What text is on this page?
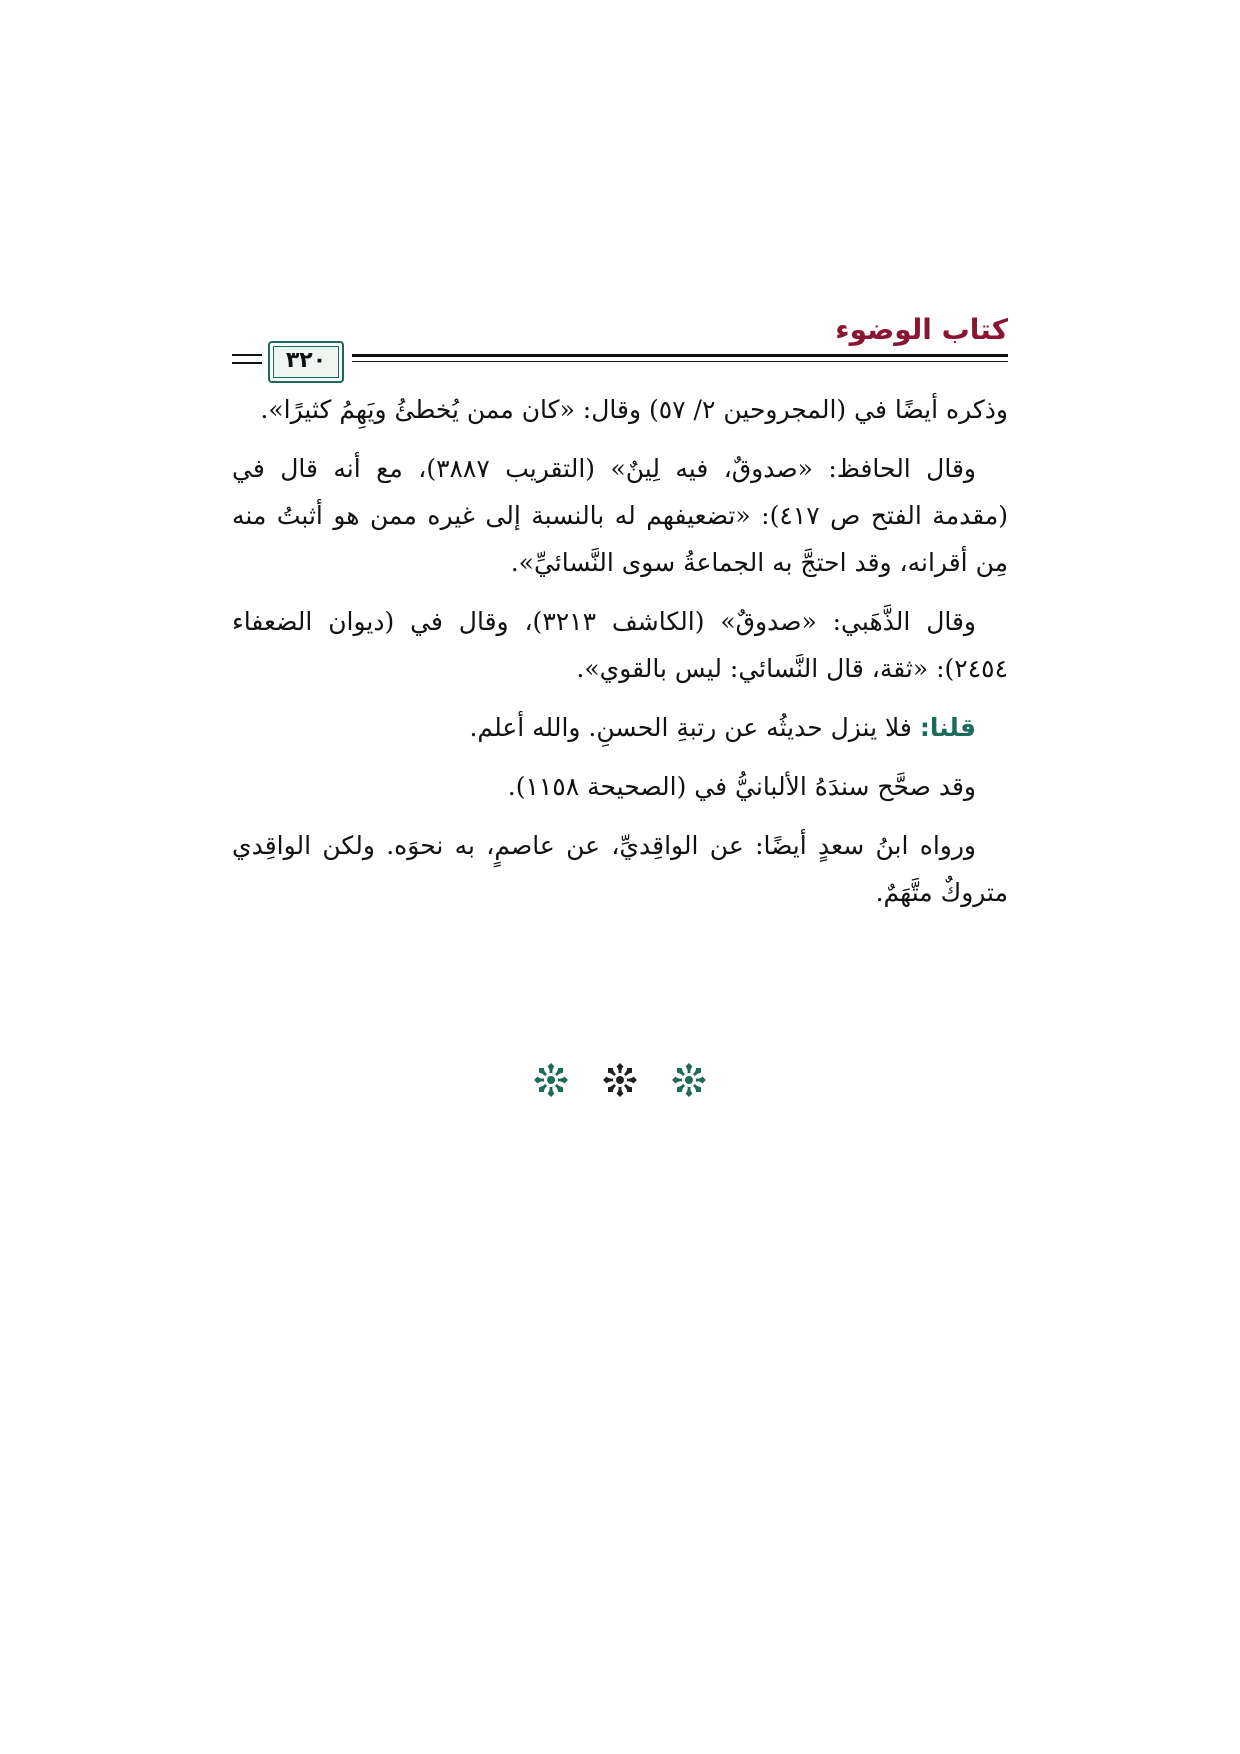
كتاب الوضوء
٣٢٠

وذكره أيضًا في (المجروحين ٢/ ٥٧) وقال: «كان ممن يُخطئُ ويَهِمُ كثيرًا».

وقال الحافظ: «صدوقٌ، فيه لِينٌ» (التقريب ٣٨٨٧)، مع أنه قال في (مقدمة الفتح ص ٤١٧): «تضعيفهم له بالنسبة إلى غيره ممن هو أثبتُ منه مِن أقرانه، وقد احتجَّ به الجماعةُ سوى النَّسائيِّ».

وقال الذَّهَبي: «صدوقٌ» (الكاشف ٣٢١٣)، وقال في (ديوان الضعفاء ٢٤٥٤): «ثقة، قال النَّسائي: ليس بالقوي».

قلنا: فلا ينزل حديثُه عن رتبةِ الحسنِ. والله أعلم.

وقد صحَّح سندَهُ الألبانيُّ في (الصحيحة ١١٥٨).

ورواه ابنُ سعدٍ أيضًا: عن الواقِديِّ، عن عاصمٍ، به نحوَه. ولكن الواقِدي متروكٌ متَّهَمٌ.
